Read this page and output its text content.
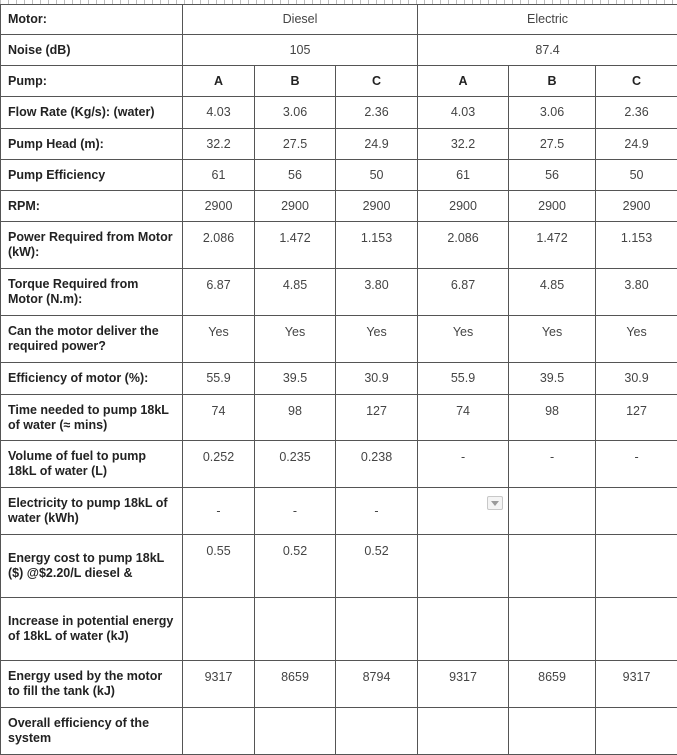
Motor:	Diesel			Electric		
Noise (dB)	105			87.4		
Pump:	A	B	C	A	B	C
Flow Rate (Kg/s): (water)	4.03	3.06	2.36	4.03	3.06	2.36
Pump Head (m):	32.2	27.5	24.9	32.2	27.5	24.9
Pump Efficiency	61	56	50	61	56	50
RPM:	2900	2900	2900	2900	2900	2900
Power Required from Motor (kW):	2.086	1.472	1.153	2.086	1.472	1.153
Torque Required from Motor (N.m):	6.87	4.85	3.80	6.87	4.85	3.80
Can the motor deliver the required power?	Yes	Yes	Yes	Yes	Yes	Yes
Efficiency of motor (%):	55.9	39.5	30.9	55.9	39.5	30.9
Time needed to pump 18kL of water (≈ mins)	74	98	127	74	98	127
Volume of fuel to pump 18kL of water (L)	0.252	0.235	0.238	-	-	-
Electricity to pump 18kL of water (kWh)	-	-	-	

Energy cost to pump 18kL ($) @$2.20/L diesel &	0.55	0.52	0.52			
Increase in potential energy of 18kL of water (kJ)						
Energy used by the motor to fill the tank (kJ)	9317	8659	8794	9317	8659	9317
Overall efficiency of the system						
